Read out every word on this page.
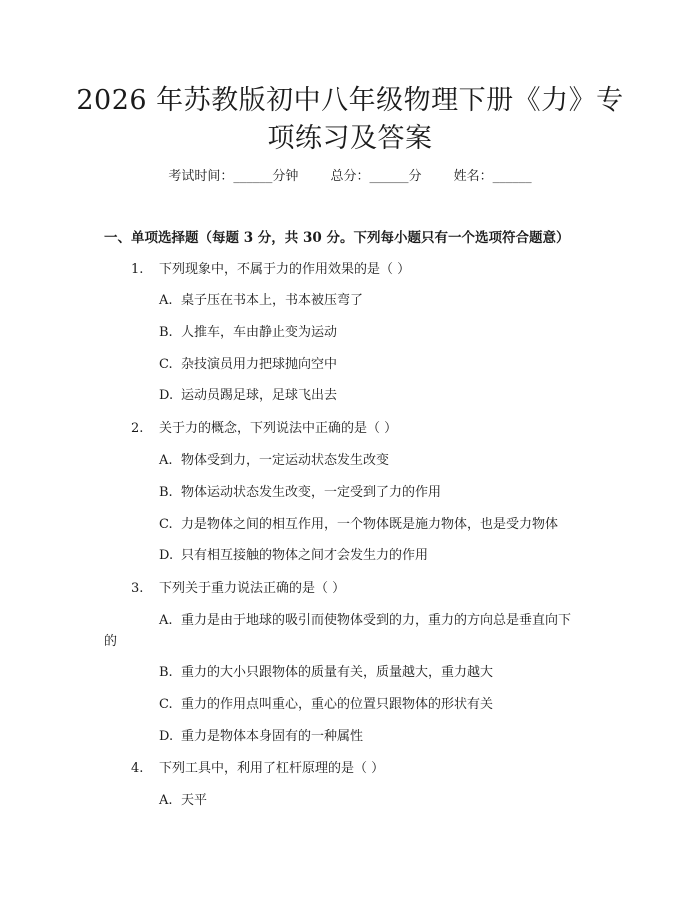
2026 年苏教版初中八年级物理下册《力》专
项练习及答案
考试时间：______分钟 总分：______分 姓名：______
一、单项选择题（每题 3 分，共 30 分。下列每小题只有一个选项符合题意）
1. 下列现象中，不属于力的作用效果的是（ ）
A. 桌子压在书本上，书本被压弯了
B. 人推车，车由静止变为运动
C. 杂技演员用力把球抛向空中
D. 运动员踢足球，足球飞出去
2. 关于力的概念，下列说法中正确的是（ ）
A. 物体受到力，一定运动状态发生改变
B. 物体运动状态发生改变，一定受到了力的作用
C. 力是物体之间的相互作用，一个物体既是施力物体，也是受力物体
D. 只有相互接触的物体之间才会发生力的作用
3. 下列关于重力说法正确的是（ ）
A. 重力是由于地球的吸引而使物体受到的力，重力的方向总是垂直向下
的
B. 重力的大小只跟物体的质量有关，质量越大，重力越大
C. 重力的作用点叫重心，重心的位置只跟物体的形状有关
D. 重力是物体本身固有的一种属性
4. 下列工具中，利用了杠杆原理的是（ ）
A. 天平
